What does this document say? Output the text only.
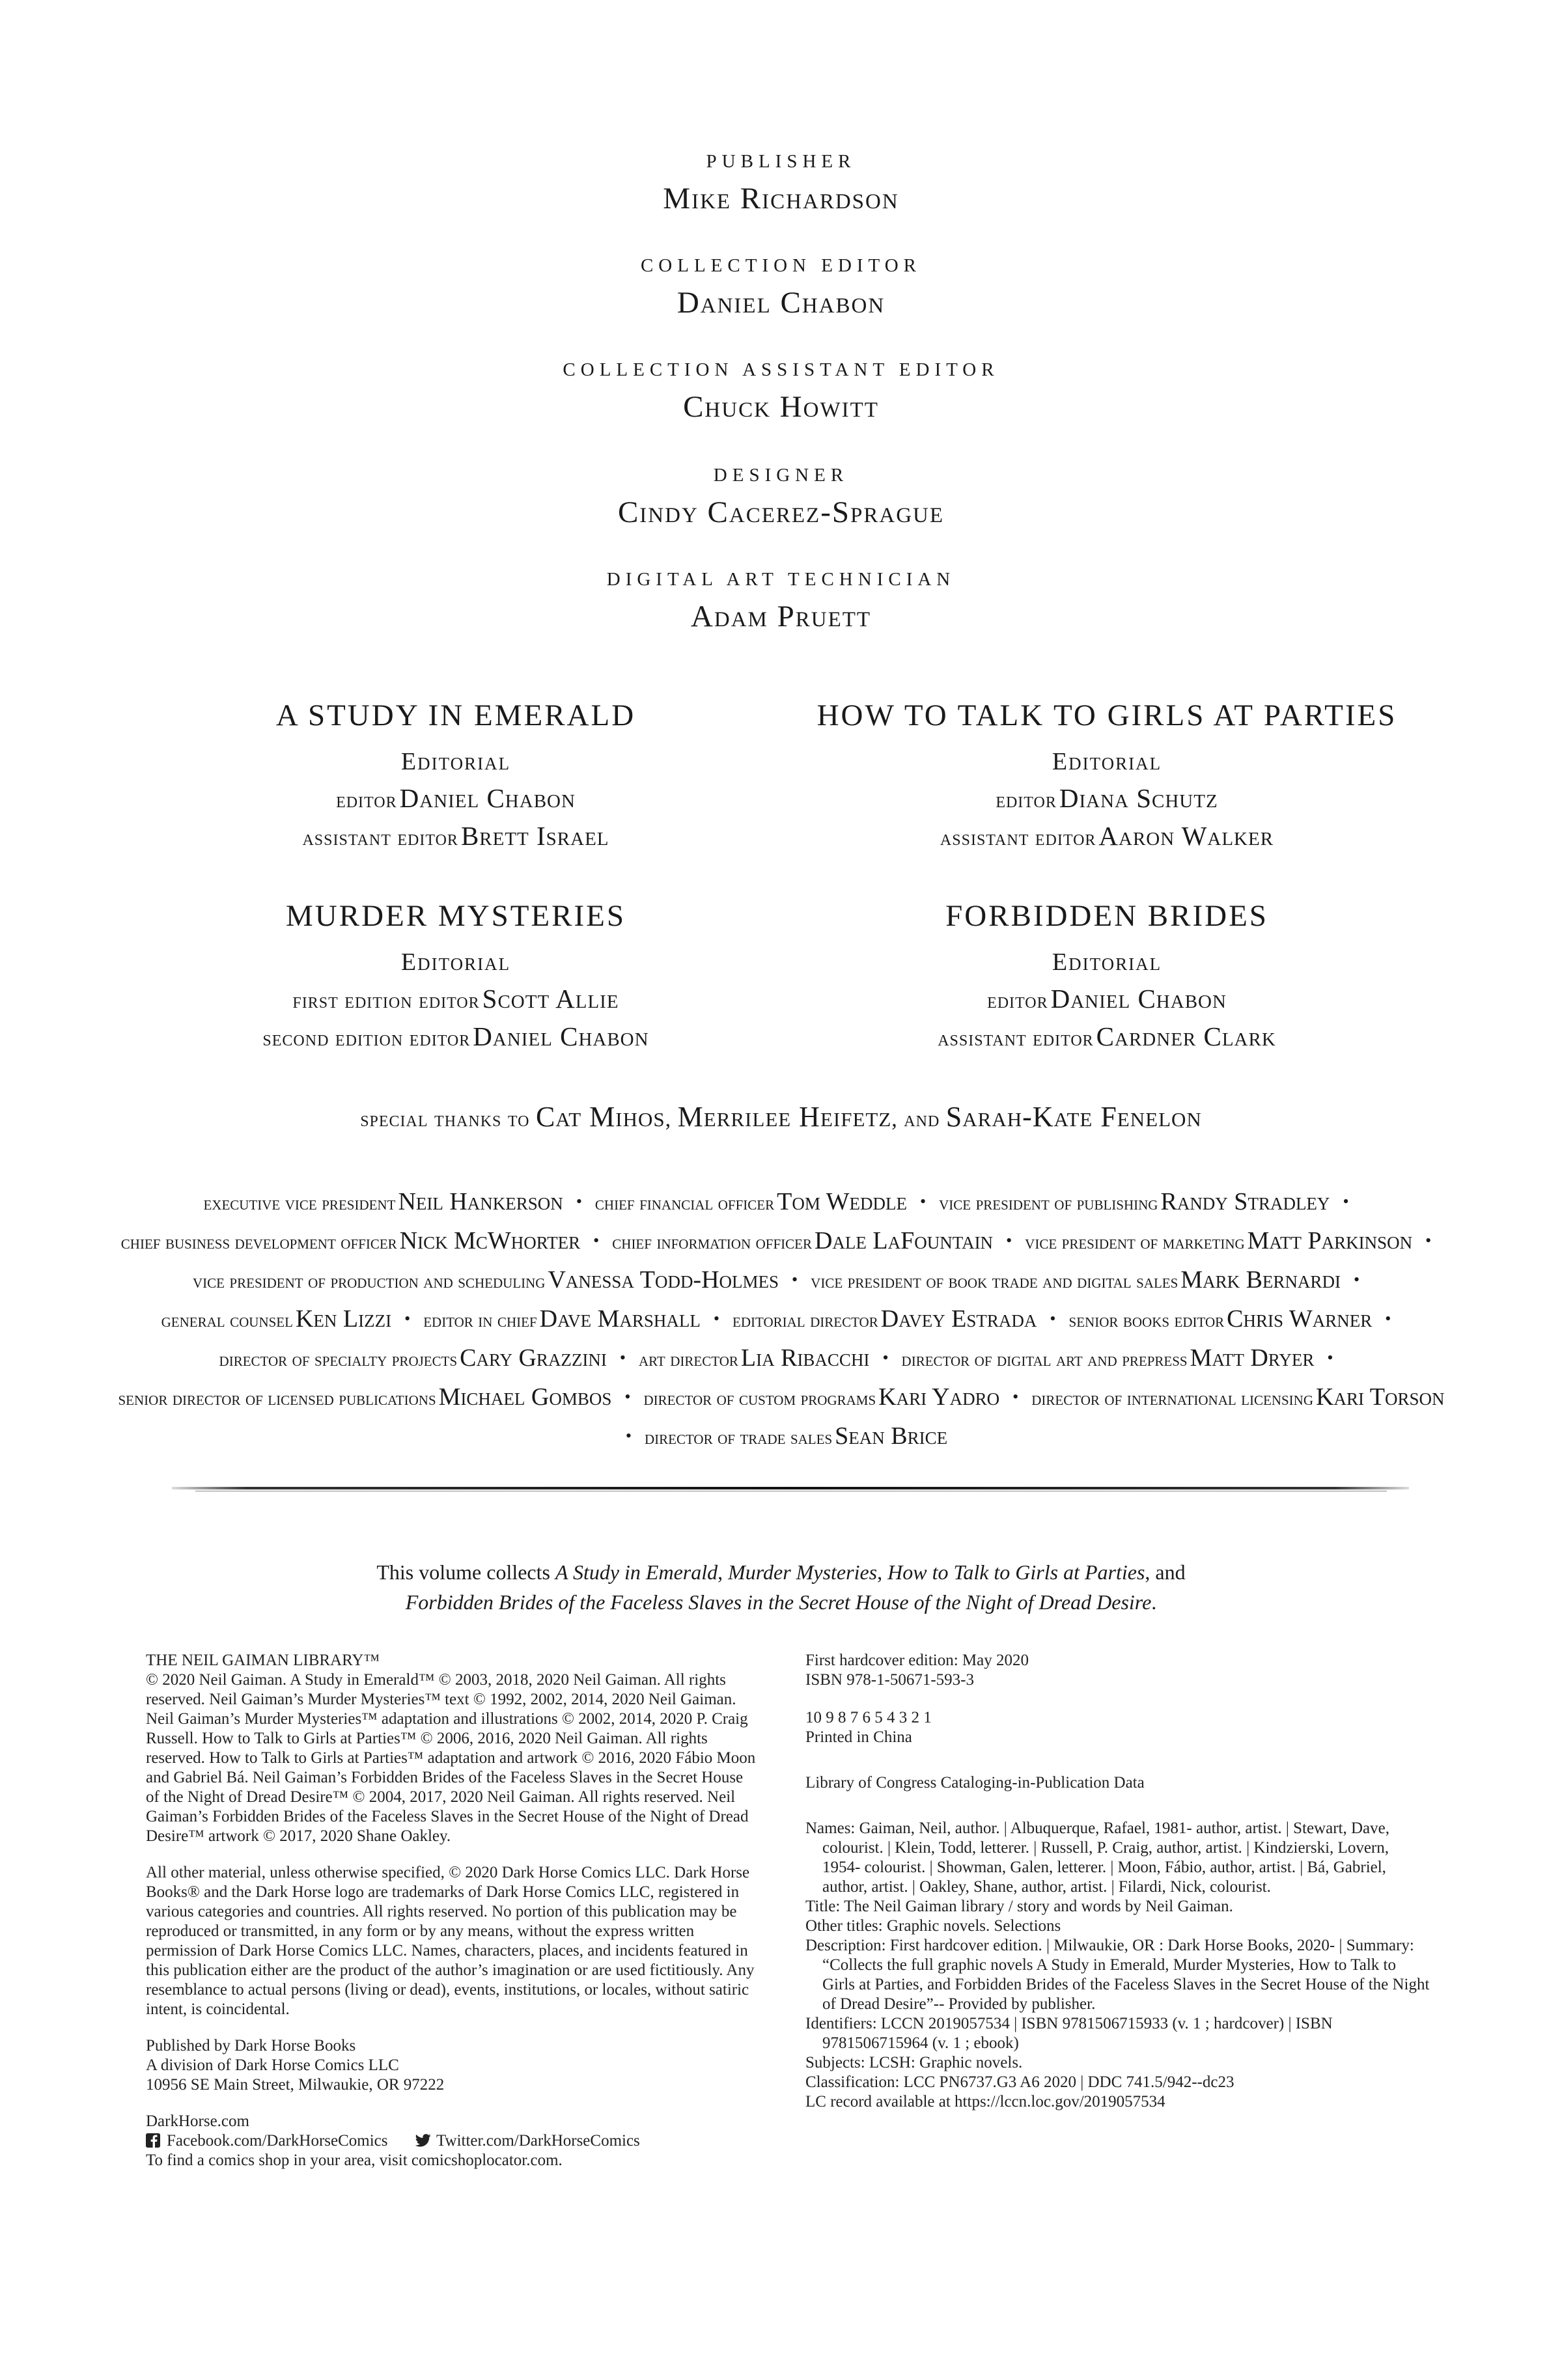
PUBLISHER
Mike Richardson
COLLECTION EDITOR
Daniel Chabon
COLLECTION ASSISTANT EDITOR
Chuck Howitt
DESIGNER
Cindy Cacerez-Sprague
DIGITAL ART TECHNICIAN
Adam Pruett
A STUDY IN EMERALD
Editorial
editor Daniel Chabon
assistant editor Brett Israel
HOW TO TALK TO GIRLS AT PARTIES
Editorial
editor Diana Schutz
assistant editor Aaron Walker
MURDER MYSTERIES
Editorial
first edition editor Scott Allie
second edition editor Daniel Chabon
FORBIDDEN BRIDES
Editorial
editor Daniel Chabon
assistant editor Cardner Clark
special thanks to Cat Mihos, Merrilee Heifetz, and Sarah-Kate Fenelon
executive vice president Neil Hankerson • chief financial officer Tom Weddle • vice president of publishing Randy Stradley • chief business development officer Nick McWhorter • chief information officer Dale LaFountain • vice president of marketing Matt Parkinson • vice president of production and scheduling Vanessa Todd-Holmes • vice president of book trade and digital sales Mark Bernardi • general counsel Ken Lizzi • editor in chief Dave Marshall • editorial director Davey Estrada • senior books editor Chris Warner • director of specialty projects Cary Grazzini • art director Lia Ribacchi • director of digital art and prepress Matt Dryer • senior director of licensed publications Michael Gombos • director of custom programs Kari Yadro • director of international licensing Kari Torson • director of trade sales Sean Brice
This volume collects A Study in Emerald, Murder Mysteries, How to Talk to Girls at Parties, and
Forbidden Brides of the Faceless Slaves in the Secret House of the Night of Dread Desire.
THE NEIL GAIMAN LIBRARY™

© 2020 Neil Gaiman. A Study in Emerald™ © 2003, 2018, 2020 Neil Gaiman. All rights reserved. Neil Gaiman’s Murder Mysteries™ text © 1992, 2002, 2014, 2020 Neil Gaiman. Neil Gaiman’s Murder Mysteries™ adaptation and illustrations © 2002, 2014, 2020 P. Craig Russell. How to Talk to Girls at Parties™ © 2006, 2016, 2020 Neil Gaiman. All rights reserved. How to Talk to Girls at Parties™ adaptation and artwork © 2016, 2020 Fábio Moon and Gabriel Bá. Neil Gaiman’s Forbidden Brides of the Faceless Slaves in the Secret House of the Night of Dread Desire™ © 2004, 2017, 2020 Neil Gaiman. All rights reserved. Neil Gaiman’s Forbidden Brides of the Faceless Slaves in the Secret House of the Night of Dread Desire™ artwork © 2017, 2020 Shane Oakley.

All other material, unless otherwise specified, © 2020 Dark Horse Comics LLC. Dark Horse Books® and the Dark Horse logo are trademarks of Dark Horse Comics LLC, registered in various categories and countries. All rights reserved. No portion of this publication may be reproduced or transmitted, in any form or by any means, without the express written permission of Dark Horse Comics LLC. Names, characters, places, and incidents featured in this publication either are the product of the author’s imagination or are used fictitiously. Any resemblance to actual persons (living or dead), events, institutions, or locales, without satiric intent, is coincidental.

Published by Dark Horse Books
A division of Dark Horse Comics LLC
10956 SE Main Street, Milwaukie, OR 97222
DarkHorse.com
Facebook.com/DarkHorseComics	Twitter.com/DarkHorseComics
To find a comics shop in your area, visit comicshoplocator.com.
First hardcover edition: May 2020
ISBN 978-1-50671-593-3
10 9 8 7 6 5 4 3 2 1
Printed in China
Library of Congress Cataloging-in-Publication Data

Names: Gaiman, Neil, author. | Albuquerque, Rafael, 1981- author, artist. | Stewart, Dave, colourist. | Klein, Todd, letterer. | Russell, P. Craig, author, artist. | Kindzierski, Lovern, 1954- colourist. | Showman, Galen, letterer. | Moon, Fábio, author, artist. | Bá, Gabriel, author, artist. | Oakley, Shane, author, artist. | Filardi, Nick, colourist.

Title: The Neil Gaiman library / story and words by Neil Gaiman.

Other titles: Graphic novels. Selections

Description: First hardcover edition. | Milwaukie, OR : Dark Horse Books, 2020- | Summary: “Collects the full graphic novels A Study in Emerald, Murder Mysteries, How to Talk to Girls at Parties, and Forbidden Brides of the Faceless Slaves in the Secret House of the Night of Dread Desire”-- Provided by publisher.

Identifiers: LCCN 2019057534 | ISBN 9781506715933 (v. 1 ; hardcover) | ISBN 9781506715964 (v. 1 ; ebook)

Subjects: LCSH: Graphic novels.

Classification: LCC PN6737.G3 A6 2020 | DDC 741.5/942--dc23

LC record available at https://lccn.loc.gov/2019057534
